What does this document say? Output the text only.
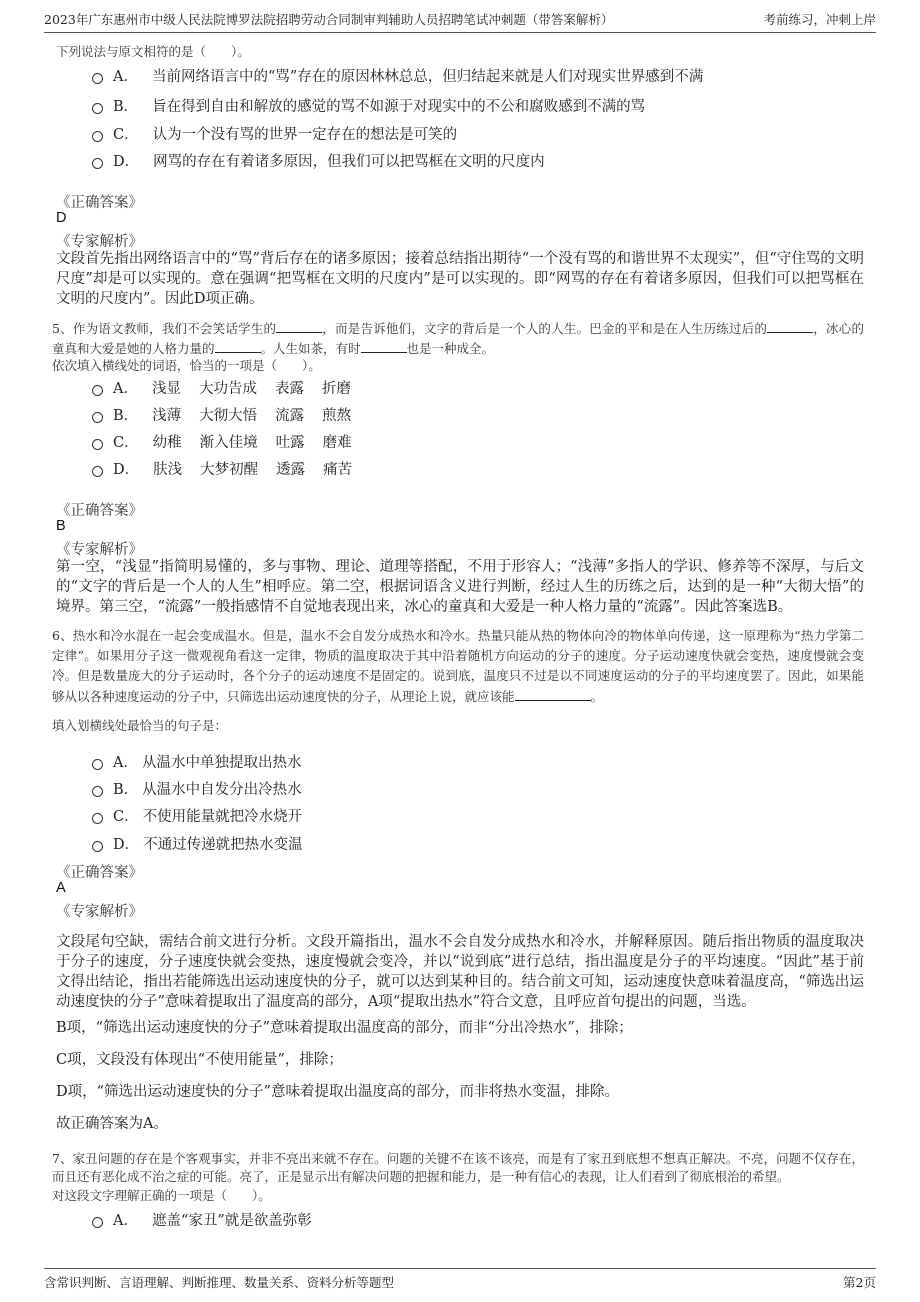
2023年广东惠州市中级人民法院博罗法院招聘劳动合同制审判辅助人员招聘笔试冲刺题（带答案解析）	考前练习，冲刺上岸
下列说法与原文相符的是（　　）。
A． 当前网络语言中的“骂”存在的原因林林总总，但归结起来就是人们对现实世界感到不满
B． 旨在得到自由和解放的感觉的骂不如源于对现实中的不公和腐败感到不满的骂
C． 认为一个没有骂的世界一定存在的想法是可笑的
D． 网骂的存在有着诸多原因，但我们可以把骂框在文明的尺度内
《正确答案》
D
《专家解析》
文段首先指出网络语言中的“骂”背后存在的诸多原因；接着总结指出期待“一个没有骂的和谐世界不太现实”，但“守住骂的文明尺度”却是可以实现的。意在强调“把骂框在文明的尺度内”是可以实现的。即“网骂的存在有着诸多原因，但我们可以把骂框在文明的尺度内”。因此D项正确。
5、作为语文教师，我们不会笑话学生的	，而是告诉他们，文字的背后是一个人的人生。巴金的平和是在人生历练过后的	，冰心的童真和大爱是她的人格力量的	。人生如茶，有时	也是一种成全。
依次填入横线处的词语，恰当的一项是（　　）。
A． 浅显 大功告成 表露 折磨
B． 浅薄 大彻大悟 流露 煎熬
C． 幼稚 渐入佳境 吐露 磨难
D． 肤浅 大梦初醒 透露 痛苦
《正确答案》
B
《专家解析》
第一空，“浅显”指简明易懂的，多与事物、理论、道理等搭配，不用于形容人；“浅薄”多指人的学识、修养等不深厚，与后文的“文字的背后是一个人的人生”相呼应。第二空，根据词语含义进行判断，经过人生的历练之后，达到的是一种“大彻大悟”的境界。第三空，“流露”一般指感情不自觉地表现出来，冰心的童真和大爱是一种人格力量的“流露”。因此答案选B。
6、热水和冷水混在一起会变成温水。但是，温水不会自发分成热水和冷水。热量只能从热的物体向冷的物体单向传递，这一原理称为“热力学第二定律”。如果用分子这一微观视角看这一定律，物质的温度取决于其中沿着随机方向运动的分子的速度。分子运动速度快就会变热，速度慢就会变冷。但是数量庞大的分子运动时，各个分子的运动速度不是固定的。说到底，温度只不过是以不同速度运动的分子的平均速度罢了。因此，如果能够从以各种速度运动的分子中，只筛选出运动速度快的分子，从理论上说，就应该能	。
填入划横线处最恰当的句子是：
A． 从温水中单独提取出热水
B． 从温水中自发分出冷热水
C． 不使用能量就把冷水烧开
D． 不通过传递就把热水变温
《正确答案》
A
《专家解析》
文段尾句空缺，需结合前文进行分析。文段开篇指出，温水不会自发分成热水和冷水，并解释原因。随后指出物质的温度取决于分子的速度，分子速度快就会变热，速度慢就会变冷，并以“说到底”进行总结，指出温度是分子的平均速度。“因此”基于前文得出结论，指出若能筛选出运动速度快的分子，就可以达到某种目的。结合前文可知，运动速度快意味着温度高，“筛选出运动速度快的分子”意味着提取出了温度高的部分，A项“提取出热水”符合文意，且呼应首句提出的问题，当选。
B项，“筛选出运动速度快的分子”意味着提取出温度高的部分，而非“分出冷热水”，排除；
C项，文段没有体现出“不使用能量”，排除；
D项，“筛选出运动速度快的分子”意味着提取出温度高的部分，而非将热水变温，排除。
故正确答案为A。
7、家丑问题的存在是个客观事实，并非不亮出来就不存在。问题的关键不在该不该亮，而是有了家丑到底想不想真正解决。不亮，问题不仅存在，而且还有恶化成不治之症的可能。亮了，正是显示出有解决问题的把握和能力，是一种有信心的表现，让人们看到了彻底根治的希望。
对这段文字理解正确的一项是（　　）。
A． 遮盖“家丑”就是欲盖弥彰
含常识判断、言语理解、判断推理、数量关系、资料分析等题型	第2页
